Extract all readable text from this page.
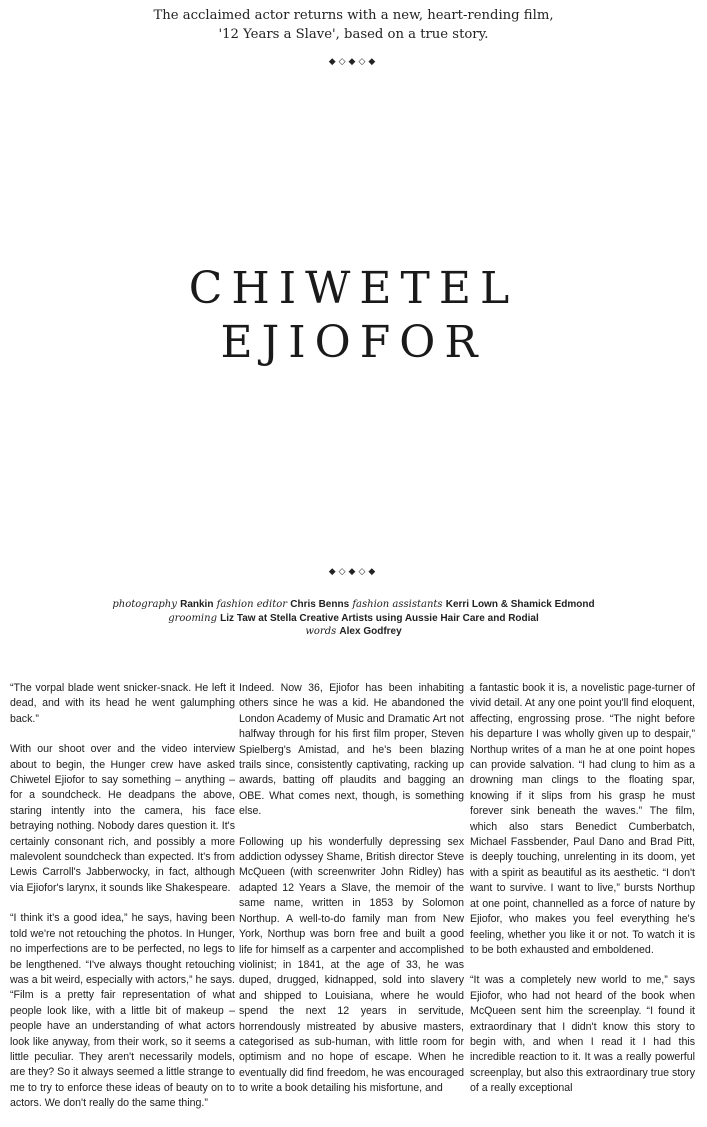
The acclaimed actor returns with a new, heart-rending film,
'12 Years a Slave', based on a true story.
◆◇◆◇◆
CHIWETEL
EJIOFOR
◆◇◆◇◆
photography Rankin fashion editor Chris Benns fashion assistants Kerri Lown & Shamick Edmond
grooming Liz Taw at Stella Creative Artists using Aussie Hair Care and Rodial
words Alex Godfrey

“The vorpal blade went snicker-snack. He left it dead, and with its head he went galumphing back.”

With our shoot over and the video interview about to begin, the Hunger crew have asked Chiwetel Ejiofor to say something – anything – for a soundcheck. He deadpans the above, staring intently into the camera, his face betraying nothing. Nobody dares question it. It's certainly consonant rich, and possibly a more malevolent soundcheck than expected. It's from Lewis Carroll's Jabberwocky, in fact, although via Ejiofor's larynx, it sounds like Shakespeare.

“I think it's a good idea,” he says, having been told we're not retouching the photos. In Hunger, no imperfections are to be perfected, no legs to be lengthened. “I've always thought retouching was a bit weird, especially with actors,” he says. “Film is a pretty fair representation of what people look like, with a little bit of makeup – people have an understanding of what actors look like anyway, from their work, so it seems a little peculiar. They aren't necessarily models, are they? So it always seemed a little strange to me to try to enforce these ideas of beauty on to actors. We don't really do the same thing.”

Indeed. Now 36, Ejiofor has been inhabiting others since he was a kid. He abandoned the London Academy of Music and Dramatic Art not halfway through for his first film proper, Steven Spielberg's Amistad, and he's been blazing trails since, consistently captivating, racking up awards, batting off plaudits and bagging an OBE. What comes next, though, is something else.

Following up his wonderfully depressing sex addiction odyssey Shame, British director Steve McQueen (with screenwriter John Ridley) has adapted 12 Years a Slave, the memoir of the same name, written in 1853 by Solomon Northup. A well-to-do family man from New York, Northup was born free and built a good life for himself as a carpenter and accomplished violinist; in 1841, at the age of 33, he was duped, drugged, kidnapped, sold into slavery and shipped to Louisiana, where he would spend the next 12 years in servitude, horrendously mistreated by abusive masters, categorised as sub-human, with little room for optimism and no hope of escape. When he eventually did find freedom, he was encouraged to write a book detailing his misfortune, and

a fantastic book it is, a novelistic page-turner of vivid detail. At any one point you'll find eloquent, affecting, engrossing prose. “The night before his departure I was wholly given up to despair,” Northup writes of a man he at one point hopes can provide salvation. “I had clung to him as a drowning man clings to the floating spar, knowing if it slips from his grasp he must forever sink beneath the waves.” The film, which also stars Benedict Cumberbatch, Michael Fassbender, Paul Dano and Brad Pitt, is deeply touching, unrelenting in its doom, yet with a spirit as beautiful as its aesthetic. “I don't want to survive. I want to live,” bursts Northup at one point, channelled as a force of nature by Ejiofor, who makes you feel everything he's feeling, whether you like it or not. To watch it is to be both exhausted and emboldened.

“It was a completely new world to me,” says Ejiofor, who had not heard of the book when McQueen sent him the screenplay. “I found it extraordinary that I didn't know this story to begin with, and when I read it I had this incredible reaction to it. It was a really powerful screenplay, but also this extraordinary true story of a really exceptional
